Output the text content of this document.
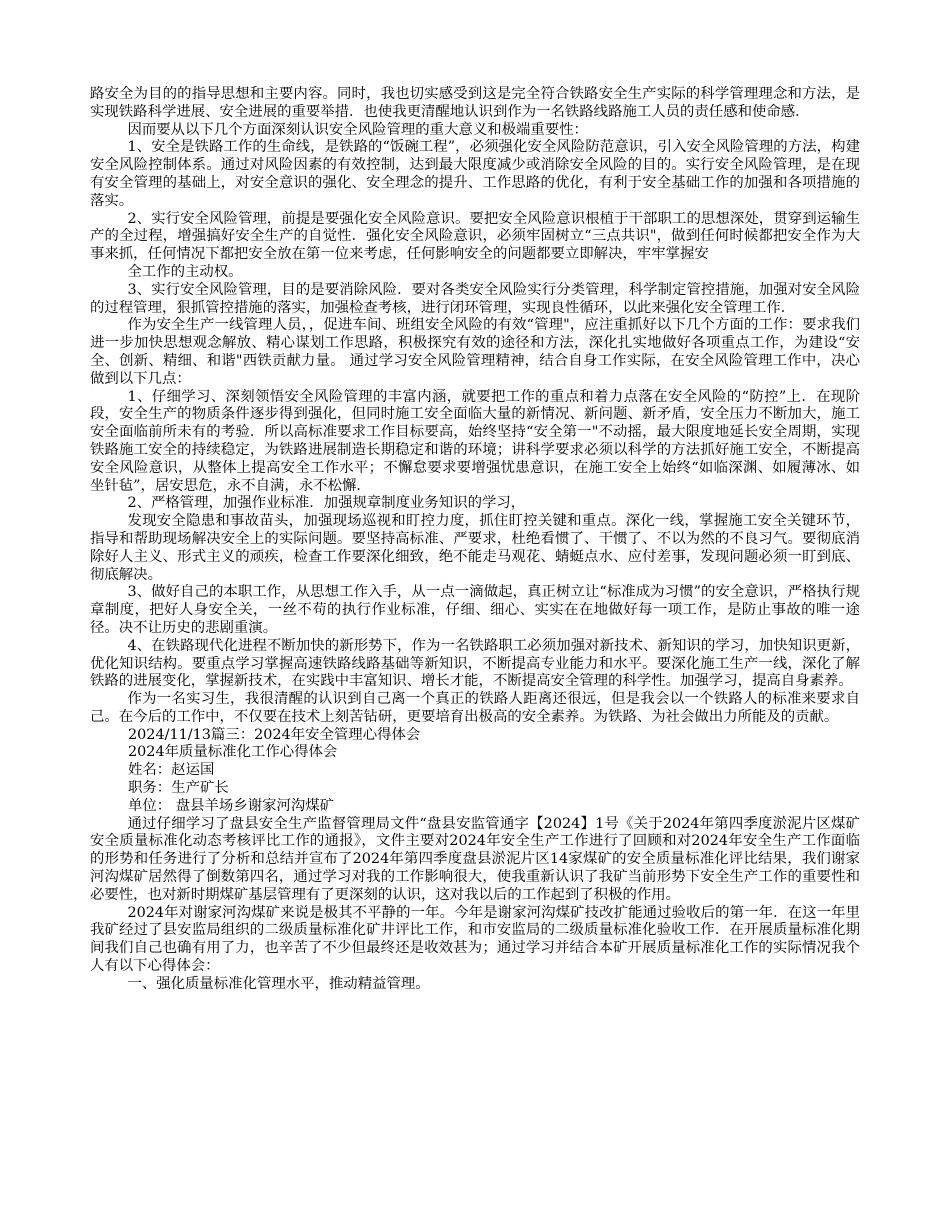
路安全为目的的指导思想和主要内容。同时，我也切实感受到这是完全符合铁路安全生产实际的科学管理理念和方法，是实现铁路科学进展、安全进展的重要举措．也使我更清醒地认识到作为一名铁路线路施工人员的责任感和使命感．

因而要从以下几个方面深刻认识安全风险管理的重大意义和极端重要性：

1、安全是铁路工作的生命线，是铁路的“饭碗工程”，必须强化安全风险防范意识，引入安全风险管理的方法，构建安全风险控制体系。通过对风险因素的有效控制，达到最大限度减少或消除安全风险的目的。实行安全风险管理，是在现有安全管理的基础上，对安全意识的强化、安全理念的提升、工作思路的优化，有利于安全基础工作的加强和各项措施的落实。

2、实行安全风险管理，前提是要强化安全风险意识。要把安全风险意识根植于干部职工的思想深处，贯穿到运输生产的全过程，增强搞好安全生产的自觉性．强化安全风险意识，必须牢固树立“三点共识"，做到任何时候都把安全作为大事来抓，任何情况下都把安全放在第一位来考虑，任何影响安全的问题都要立即解决，牢牢掌握安

全工作的主动权。

3、实行安全风险管理，目的是要消除风险．要对各类安全风险实行分类管理，科学制定管控措施，加强对安全风险的过程管理，狠抓管控措施的落实，加强检查考核，进行闭环管理，实现良性循环，以此来强化安全管理工作．

作为安全生产一线管理人员，，促进车间、班组安全风险的有效“管理"，应注重抓好以下几个方面的工作：要求我们进一步加快思想观念解放、精心谋划工作思路，积极探究有效的途径和方法，深化扎实地做好各项重点工作，为建设“安全、创新、精细、和谐"西铁贡献力量。 通过学习安全风险管理精神，结合自身工作实际，在安全风险管理工作中，决心做到以下几点：

1、仔细学习、深刻领悟安全风险管理的丰富内涵，就要把工作的重点和着力点落在安全风险的“防控”上．在现阶段，安全生产的物质条件逐步得到强化，但同时施工安全面临大量的新情况、新问题、新矛盾，安全压力不断加大，施工安全面临前所未有的考验．所以高标准要求工作目标要高，始终坚持“安全第一"不动摇，最大限度地延长安全周期，实现铁路施工安全的持续稳定，为铁路进展制造长期稳定和谐的环境；讲科学要求必须以科学的方法抓好施工安全，不断提高安全风险意识，从整体上提高安全工作水平；不懈怠要求要增强忧患意识，在施工安全上始终“如临深渊、如履薄冰、如坐针毡”，居安思危，永不自满，永不松懈．

2、严格管理，加强作业标准．加强规章制度业务知识的学习，

发现安全隐患和事故苗头，加强现场巡视和盯控力度，抓住盯控关键和重点。深化一线，掌握施工安全关键环节，指导和帮助现场解决安全上的实际问题。要坚持高标准、严要求，杜绝看惯了、干惯了、不以为然的不良习气。要彻底消除好人主义、形式主义的顽疾，检查工作要深化细致，绝不能走马观花、蜻蜓点水、应付差事，发现问题必须一盯到底、彻底解决。

3、做好自己的本职工作，从思想工作入手，从一点一滴做起，真正树立让“标准成为习惯”的安全意识，严格执行规章制度，把好人身安全关，一丝不苟的执行作业标准，仔细、细心、实实在在地做好每一项工作，是防止事故的唯一途径。决不让历史的悲剧重演。

4、在铁路现代化进程不断加快的新形势下，作为一名铁路职工必须加强对新技术、新知识的学习，加快知识更新，优化知识结构。要重点学习掌握高速铁路线路基础等新知识，不断提高专业能力和水平。要深化施工生产一线，深化了解铁路的进展变化，掌握新技术，在实践中丰富知识、增长才能，不断提高安全管理的科学性。加强学习，提高自身素养。

作为一名实习生，我很清醒的认识到自己离一个真正的铁路人距离还很远，但是我会以一个铁路人的标准来要求自己。在今后的工作中，不仅要在技术上刻苦钻研，更要培育出极高的安全素养。为铁路、为社会做出力所能及的贡献。

2024/11/13篇三：2024年安全管理心得体会

2024年质量标准化工作心得体会

姓名：赵运国

职务：生产矿长

单位： 盘县羊场乡谢家河沟煤矿

通过仔细学习了盘县安全生产监督管理局文件“盘县安监管通字【2024】1号《关于2024年第四季度淤泥片区煤矿安全质量标准化动态考核评比工作的通报》，文件主要对2024年安全生产工作进行了回顾和对2024年安全生产工作面临的形势和任务进行了分析和总结并宣布了2024年第四季度盘县淤泥片区14家煤矿的安全质量标准化评比结果，我们谢家河沟煤矿居然得了倒数第四名，通过学习对我的工作影响很大，使我重新认识了我矿当前形势下安全生产工作的重要性和必要性，也对新时期煤矿基层管理有了更深刻的认识，这对我以后的工作起到了积极的作用。

2024年对谢家河沟煤矿来说是极其不平静的一年。今年是谢家河沟煤矿技改扩能通过验收后的第一年．在这一年里我矿经过了县安监局组织的二级质量标准化矿井评比工作，和市安监局的二级质量标准化验收工作．在开展质量标准化期间我们自己也确有用了力，也辛苦了不少但最终还是收效甚为；通过学习并结合本矿开展质量标准化工作的实际情况我个人有以下心得体会：

一、强化质量标准化管理水平，推动精益管理。
